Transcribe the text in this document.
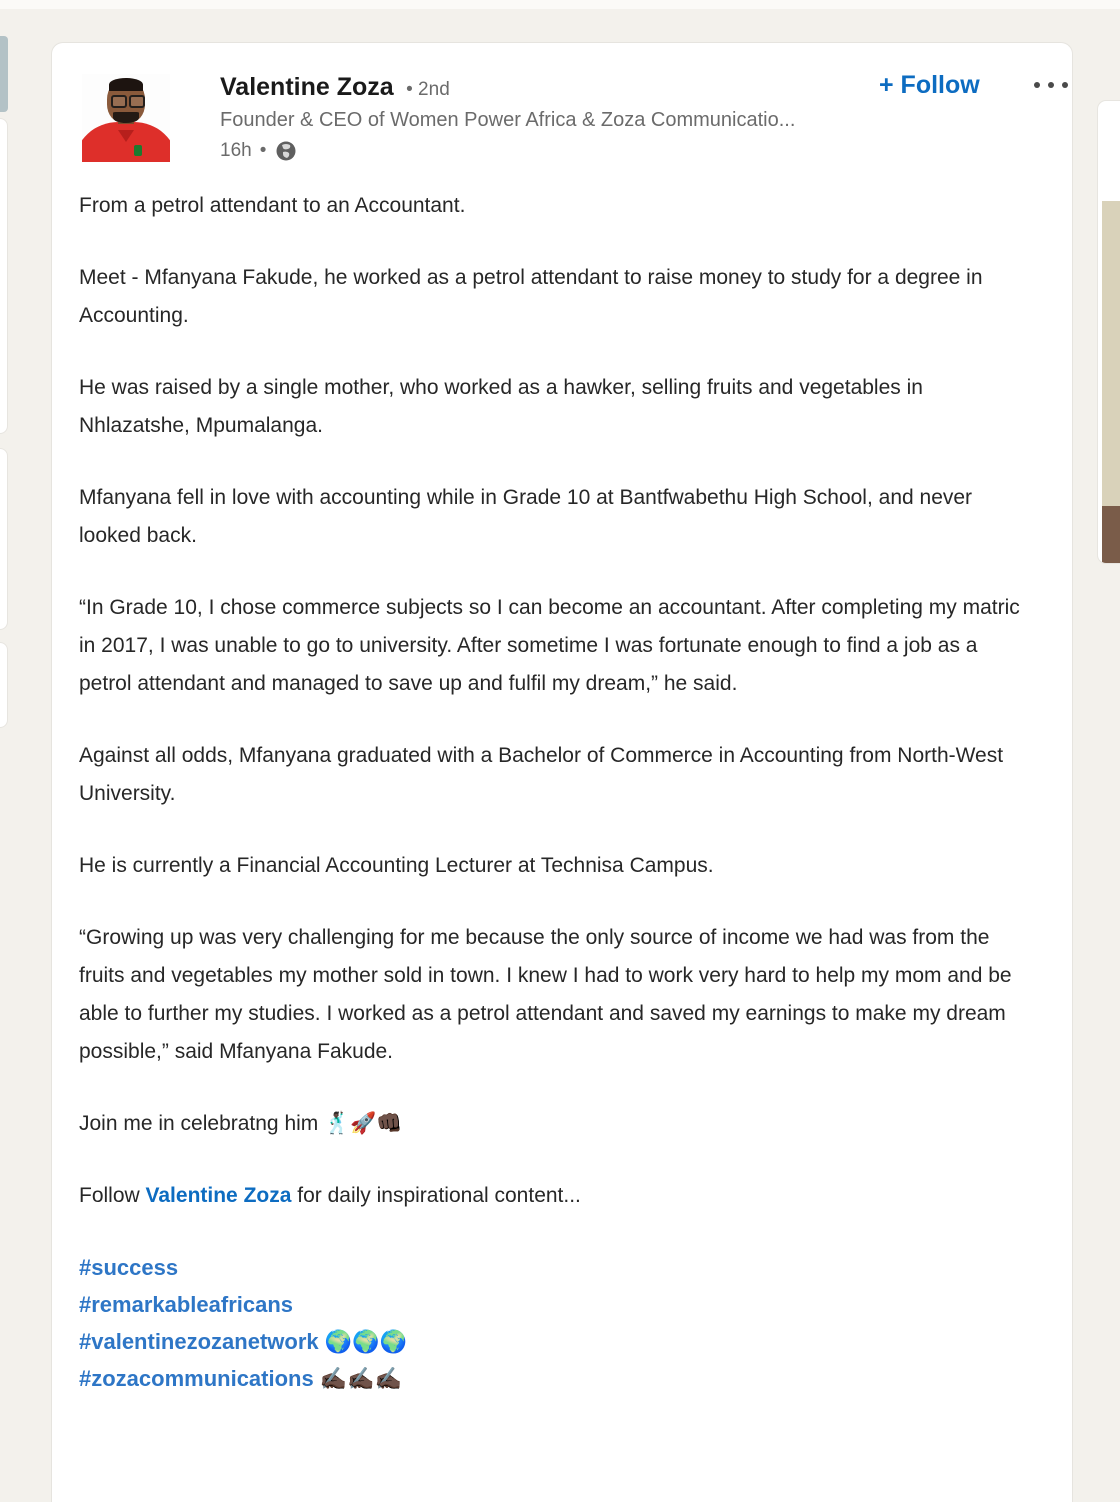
Valentine Zoza • 2nd
Founder & CEO of Women Power Africa & Zoza Communicatio...
16h •
+ Follow

From a petrol attendant to an Accountant.

Meet - Mfanyana Fakude, he worked as a petrol attendant to raise money to study for a degree in Accounting.

He was raised by a single mother, who worked as a hawker, selling fruits and vegetables in Nhlazatshe, Mpumalanga.

Mfanyana fell in love with accounting while in Grade 10 at Bantfwabethu High School, and never looked back.

“In Grade 10, I chose commerce subjects so I can become an accountant. After completing my matric in 2017, I was unable to go to university. After sometime I was fortunate enough to find a job as a petrol attendant and managed to save up and fulfil my dream,” he said.

Against all odds, Mfanyana graduated with a Bachelor of Commerce in Accounting from North-West University.

He is currently a Financial Accounting Lecturer at Technisa Campus.

“Growing up was very challenging for me because the only source of income we had was from the fruits and vegetables my mother sold in town. I knew I had to work very hard to help my mom and be able to further my studies. I worked as a petrol attendant and saved my earnings to make my dream possible,” said Mfanyana Fakude.

Join me in celebratng him 🕺🏿🚀👊🏿

Follow Valentine Zoza for daily inspirational content...

#success
#remarkableafricans
#valentinezozanetwork 🌍🌍🌍
#zozacommunications ✍🏿✍🏿✍🏿
